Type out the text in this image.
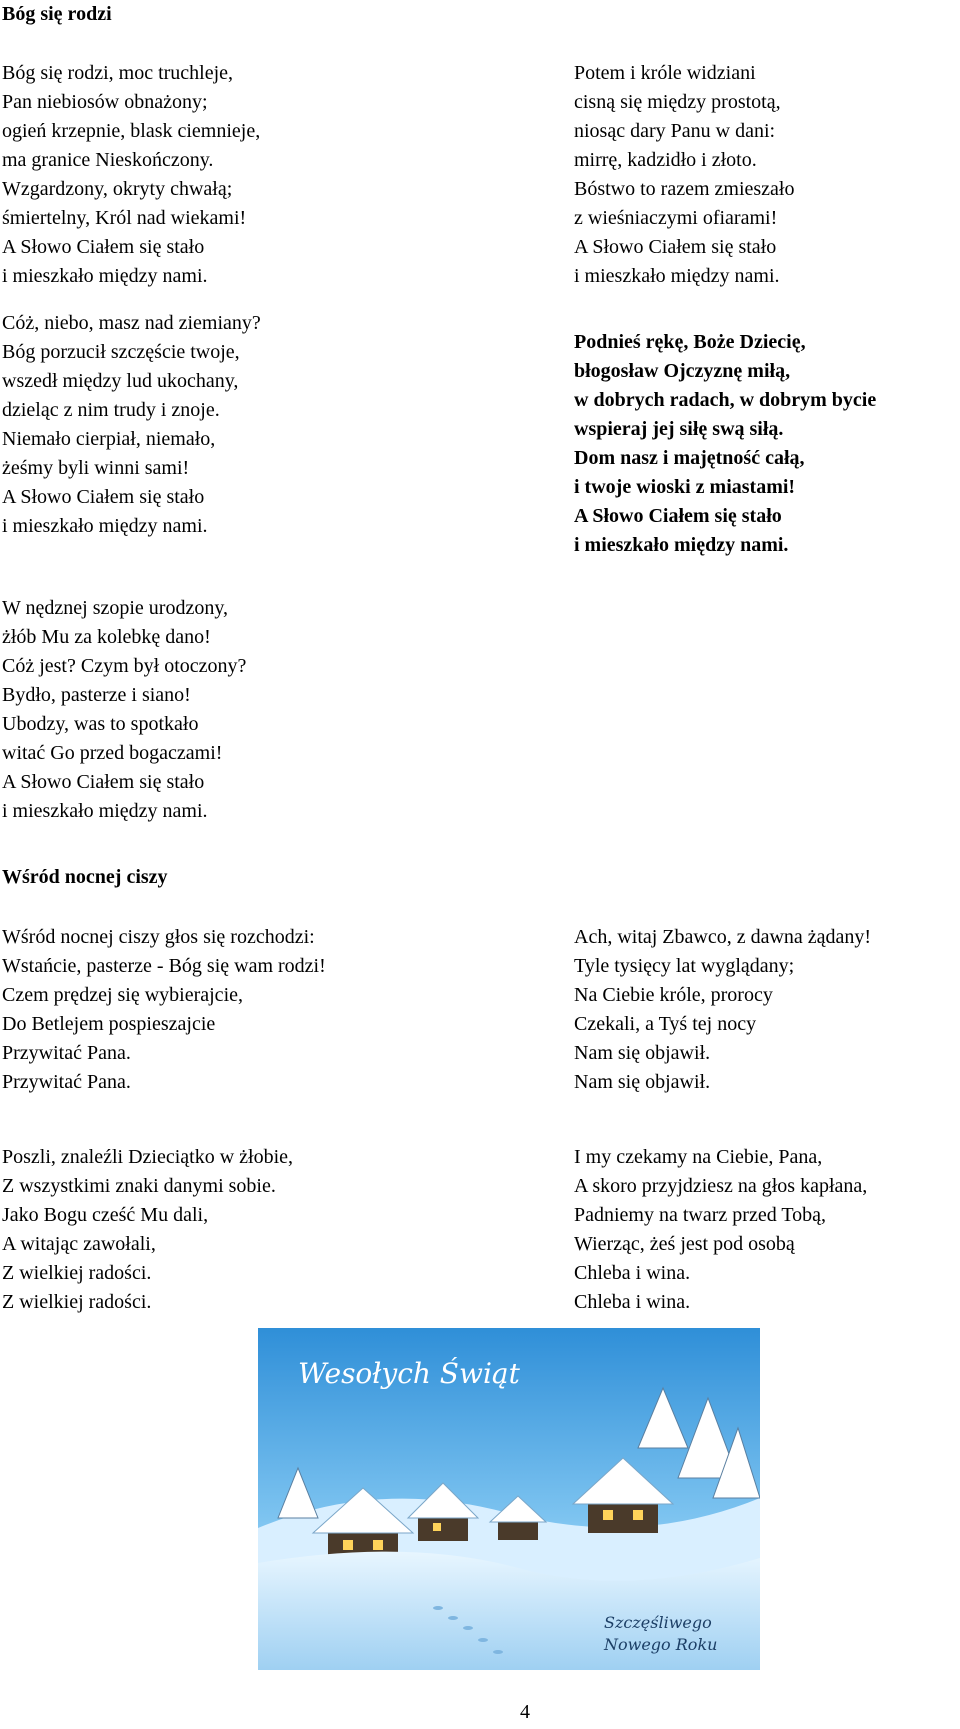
Bóg się rodzi
Bóg się rodzi, moc truchleje,
Pan niebiosów obnażony;
ogień krzepnie, blask ciemnieje,
ma granice Nieskończony.
Wzgardzony, okryty chwałą;
śmiertelny, Król nad wiekami!
A Słowo Ciałem się stało
i mieszkało między nami.
Cóż, niebo, masz nad ziemiany?
Bóg porzucił szczęście twoje,
wszedł między lud ukochany,
dzieląc z nim trudy i znoje.
Niemało cierpiał, niemało,
żeśmy byli winni sami!
A Słowo Ciałem się stało
i mieszkało między nami.
W nędznej szopie urodzony,
żłób Mu za kolebkę dano!
Cóż jest? Czym był otoczony?
Bydło, pasterze i siano!
Ubodzy, was to spotkało
witać Go przed bogaczami!
A Słowo Ciałem się stało
i mieszkało między nami.
Potem i króle widziani
cisną się między prostotą,
niosąc dary Panu w dani:
mirrę, kadzidło i złoto.
Bóstwo to razem zmieszało
z wieśniaczymi ofiarami!
A Słowo Ciałem się stało
i mieszkało między nami.
Podnieś rękę, Boże Dziecię,
błogosław Ojczyznę miłą,
w dobrych radach, w dobrym bycie
wspieraj jej siłę swą siłą.
Dom nasz i majętność całą,
i twoje wioski z miastami!
A Słowo Ciałem się stało
i mieszkało między nami.
Wśród nocnej ciszy
Wśród nocnej ciszy głos się rozchodzi:
Wstańcie, pasterze - Bóg się wam rodzi!
Czem prędzej się wybierajcie,
Do Betlejem pospieszajcie
Przywitać Pana.
Przywitać Pana.
Poszli, znaleźli Dzieciątko w żłobie,
Z wszystkimi znaki danymi sobie.
Jako Bogu cześć Mu dali,
A witając zawołali,
Z wielkiej radości.
Z wielkiej radości.
Ach, witaj Zbawco, z dawna żądany!
Tyle tysięcy lat wyglądany;
Na Ciebie króle, prorocy
Czekali, a Tyś tej nocy
Nam się objawił.
Nam się objawił.
I my czekamy na Ciebie, Pana,
A skoro przyjdziesz na głos kapłana,
Padniemy na twarz przed Tobą,
Wierząc, żeś jest pod osobą
Chleba i wina.
Chleba i wina.
Wesołych Świąt
Szczęśliwego
Nowego Roku
4
